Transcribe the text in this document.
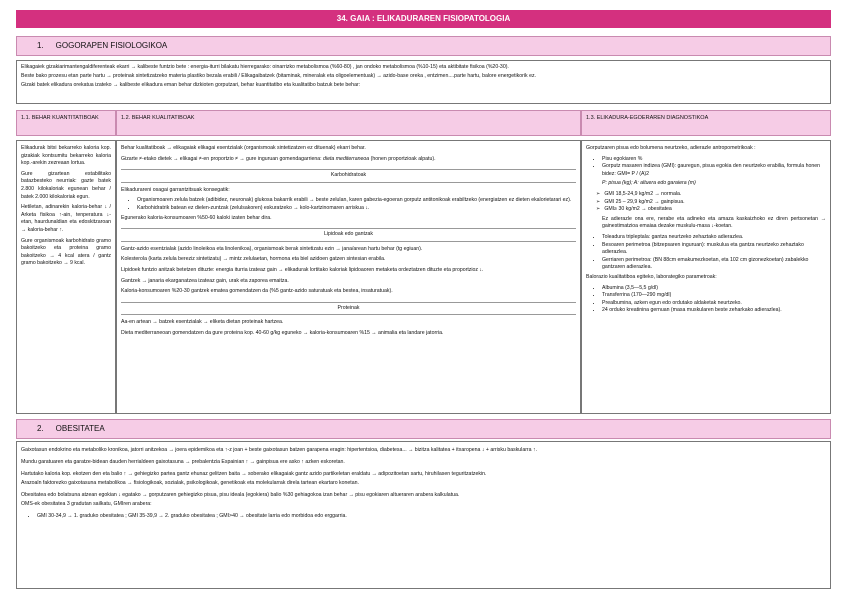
34. GAIA : ELIKADURAREN FISIOPATOLOGIA
1. GOGORAPEN FISIOLOGIKOA

Elikagaiek gizakiarimantengaldiferenteak ekarri → kalibeste funtzio bete : energia-iturri bilakatu hierregarako: oinarrizko metabolismoa (%60-80) , jan ondoko metabolismoa (%10-15) eta aktibitate fisikoa (%20-30).

Beste bako prozesu etan parte hartu → proteinak sintetizatzeko materia plastiko bezala erabili / Elikagaibatzek (bitaminak, mineralak eta oligoelementuak) → azido-base oreka , entzimen....parte hartu, balore energetikorik ez.

Gizaki batek elikadura orekatua izateko → kalibeste elikadura eman behar dizkioten gorputzari, behar kuantitatibo eta kualitatibo batzuk bete behar:

1.1. BEHAR KUANTITATIBOAK	1.2. BEHAR KUALITATIBOAK	1.3. ELIKADURA-EGOERAREN DIAGNOSTIKOA

Elikadurak bitxi bekarreko kaloria kop. gizakiak kontsumitu bekarreko kaloria kop.-arekin zezreaan lortua.

Gure gizartean estabilitako batazbesteko neurriak: gazte batek 2.800 kilokaloriak egunean behar / batek 2.000 kilokaloriak egun.

Hetiletan, adinarekin kaloria-behar ↓ / Arketa fisikoa ↑-ain, tenperatura ↓-etan, haurdunaldian eta edoskitzaroan → kaloria-behar ↑.

Gure organismoak karbohidrato gramo bakoitzeko eta proteina gramo bakoitzeko → 4 kcal atera / gantz gramo bakoitzeko → 9 kcal.

Behar kualitatiboak → elikagaiak elikagai esentzialak (organismoak sintetizatzen ez dituenak) ekarri behar.

Gizarte ≠-etako dietek → elikagai ≠-en proportzio ≠ → gure inguruan gomendagarriena: dieta mediterraneoa (honen proportzioak alpatu).

Karbohidratoak

Elikadurareni osagai garrantzitsuak konsegatik:

• Organismoaren zelula batzek (adibidez, neuronak) glukosa bakarrik erabili → beste zelulan, karen gabezia-egoeran gorputz antitonikoak erabiltzeko (energiatzen ez dieten ekalorietarari ez).
• Karbohidratrik batean ez dielen-zuntzak (zelulsakoren) eskuratzeko → kolo-kartzinomaren arriskua ↓.

Egunerako kaloria-konsumoaren %50-60 kaloki izaten behar dira.

Lipidoak edo gantzak

Gantz-azido esentzialak (azido linoleikoa eta linolenikoa), organismoak berak sintetizatu ezin → jana/arean hartu behar (tg egiuan).

Kolesterola (karta zelula bereziz sintetizatu) → mintz zelulaetan, hormona eta biel azidoen gatzen sintesian erabila.

Lipidoek funtzio anitzak betetzen dituzte: energia iturria izateaz gain → elikadurak lortitako kaloriak lipidoaoren metaketa ordeztatzen dituzte eta proportzioz ↓.

Gantzek → janaria ekarganatzea izateaz gain, urak eta zaporea emaitza.

Kaloria-konsumoaren %20-30 gantzek ematea gomendatzen da (%5 gantz-azido saturatuak eta bestea, insaturatuak).

Proteinak

Aa-en artean → batzek esentzialak → eliketa dietan proteinak hartzea.

Dieta mediterraneoan gomendatzen da gure proteina kop. 40-60 g/kg eguneko → kaloria-konsumoaren %15 → animalia eta landare jatorria.

Gorputzaren pisua edo bolumena neurtzeko, adierazle antropometrikoak :

• Pisu egokiaren %
• Gorputz masaren indizea (GMI): gauregun, pisua egokia den neurtzeko erabilia, formula honen bidez: GMI= P / (A)2

P: pisua (kg); A: altuera edo garaiera (m)

➢ GMI 18,5-24,9 kg/m2 → normala.
➢ GMI 25 – 29,9 kg/m2 → gainpisua.
➢ GMI≥ 30 kg/m2 → obesitatea

Ez adierazle ona ere, nerabe eta adineko eta amaza kaskaizhoko ez diren pertsonetan → gainestimatzioa emaiaa dezake muskulu-masa ↓-koetan.

• Toleadura tripleptala: gantza neurtzeko zehaztako adierazlea.
• Besoaren perimetroa (bitzepsaren inguruan): muskulua eta gantza neurtzeko zehaztako adierazlea.
• Gerriaren perimetroa: (BN 88cm emakumezkoetan, eta 102 cm gizonezkoetan) zabalekko gantzaren adierazlea.

Balorazio kualitatiboa egiteko, laborategiko parametroak:

• Albumina (3,5—5,5 g/dl)
• Transferrina (170—290 mg/dl)
• Prealbumina, azken egun edo ordutako aldaketak neurtzeko.
• 24 orduko kreatinina gernuan (masa muskularen beste zeharkako adierazlea).
2. OBESITATEA

Gaixotasun endokrino eta metaboliko kronikoa, jatorri anitzekoa → joera epidemikoa eta ↑-z joan + beste gaixotasun batzen garapena eragin: hipertentsioa, diabetesa... → bizitza kalitatea + itxaropena ↓ + arrisku baskularra ↑.

Mundu garatuaren eta garatze-bidean dauden herrialdeen gaixotasuna → prebalentzia Espainian ↑ → gainpisua ere asko ↑ azken eskoretan.

Hartutako kaloria kop. ekotzen den eta balio ↑ → gehiegizko partea gantz ehunaz gelitzen baita → soberako elikagaiak gantz azido partikeletan eraldatu → adipozitoetan sartu, hiruhilasen teguritzatzekin.

Arazoaln faktorezko gaixotasuna metabolikoa → fisiologikoak, sozialak, psikologikoak, genetikoak eta molekularrak direla tartean ekartaro konetan.

Obesitatea edo bolatsuna atzean egokian ↓ egatako → gorputzaren gehiegizko pisua, pisu ideala (egokiera) balio %30 gehiagokoa izan behar → pisu egokiaren altueraren arabera kalkulatua.

OMS-ek obesitatea 3 gradutan sailkatu, GMIren arabera:

• GMI 30-34,9 → 1. graduko obesitatea ; GMI 35-39,9 → 2. graduko obesitatea ; GMI>40 → obesitate larria edo morbidoa edo erggarria.
